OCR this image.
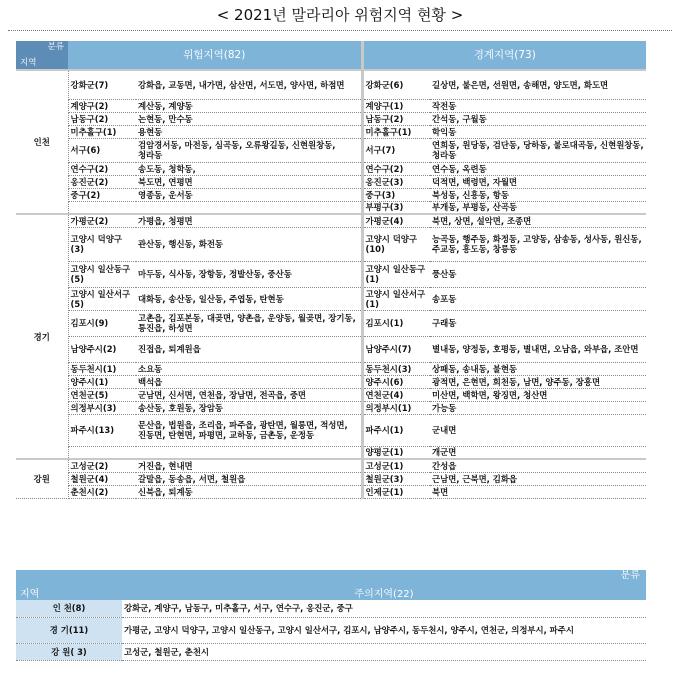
< 2021년 말라리아 위험지역 현황 >
분류
지역	위험지역(82)		경계지역(73)	
인천	강화군(7)	강화읍, 교동면, 내가면, 삼산면, 서도면, 양사면, 하점면	강화군(6)	길상면, 불은면, 선원면, 송해면, 양도면, 화도면
	계양구(2)	계산동, 계양동	계양구(1)	작전동
	남동구(2)	논현동, 만수동	남동구(2)	간석동, 구월동
	미추홀구(1)	용현동	미추홀구(1)	학익동
	서구(6)	검암경서동, 마전동, 심곡동, 오류왕길동, 신현원창동, 청라동	서구(7)	연희동, 원당동, 검단동, 당하동, 불로대곡동, 신현원창동, 청라동
	연수구(2)	송도동, 청학동,	연수구(2)	연수동, 옥련동
	옹진군(2)	북도면, 연평면	옹진군(3)	덕적면, 백령면, 자월면
	중구(2)	영종동, 운서동	중구(3)	북성동, 신흥동, 항동
			부평구(3)	부개동, 부평동, 산곡동
경기	가평군(2)	가평읍, 청평면	가평군(4)	북면, 상면, 설악면, 조종면
	고양시 덕양구(3)	관산동, 행신동, 화전동	고양시 덕양구(10)	능곡동, 행주동, 화정동, 고양동, 삼송동, 성사동, 원신동, 주교동, 흥도동, 창릉동
	고양시 일산동구(5)	마두동, 식사동, 장항동, 정발산동, 중산동	고양시 일산동구(1)	풍산동
	고양시 일산서구(5)	대화동, 송산동, 일산동, 주엽동, 탄현동	고양시 일산서구(1)	송포동
	김포시(9)	고촌읍, 김포본동, 대곶면, 양촌읍, 운양동, 월곶면, 장기동, 통진읍, 하성면	김포시(1)	구래동
	남양주시(2)	진접읍, 퇴계원읍	남양주시(7)	별내동, 양정동, 호평동, 별내면, 오남읍, 와부읍, 조안면
	동두천시(1)	소요동	동두천시(3)	상패동, 송내동, 불현동
	양주시(1)	백석읍	양주시(6)	광적면, 은현면, 회천동, 남면, 양주동, 장흥면
	연천군(5)	군남면, 신서면, 연천읍, 장남면, 전곡읍, 중면	연천군(4)	미산면, 백학면, 왕징면, 청산면
	의정부시(3)	송산동, 호원동, 장암동	의정부시(1)	가능동
	파주시(13)	문산읍, 법원읍, 조리읍, 파주읍, 광탄면, 월롱면, 적성면, 진동면, 탄현면, 파평면, 교하동, 금촌동, 운정동	파주시(1)	군내면
			양평군(1)	개군면
강원	고성군(2)	거진읍, 현내면	고성군(1)	간성읍
	철원군(4)	갈말읍, 동송읍, 서면, 철원읍	철원군(3)	근남면, 근북면, 김화읍
	춘천시(2)	신북읍, 퇴계동	인제군(1)	북면
지역	분류
주의지역(22)
인 천(8)	강화군, 계양구, 남동구, 미추홀구, 서구, 연수구, 옹진군, 중구
경 기(11)	가평군, 고양시 덕양구, 고양시 일산동구, 고양시 일산서구, 김포시, 남양주시, 동두천시, 양주시, 연천군, 의정부시, 파주시
강 원( 3)	고성군, 철원군, 춘천시
